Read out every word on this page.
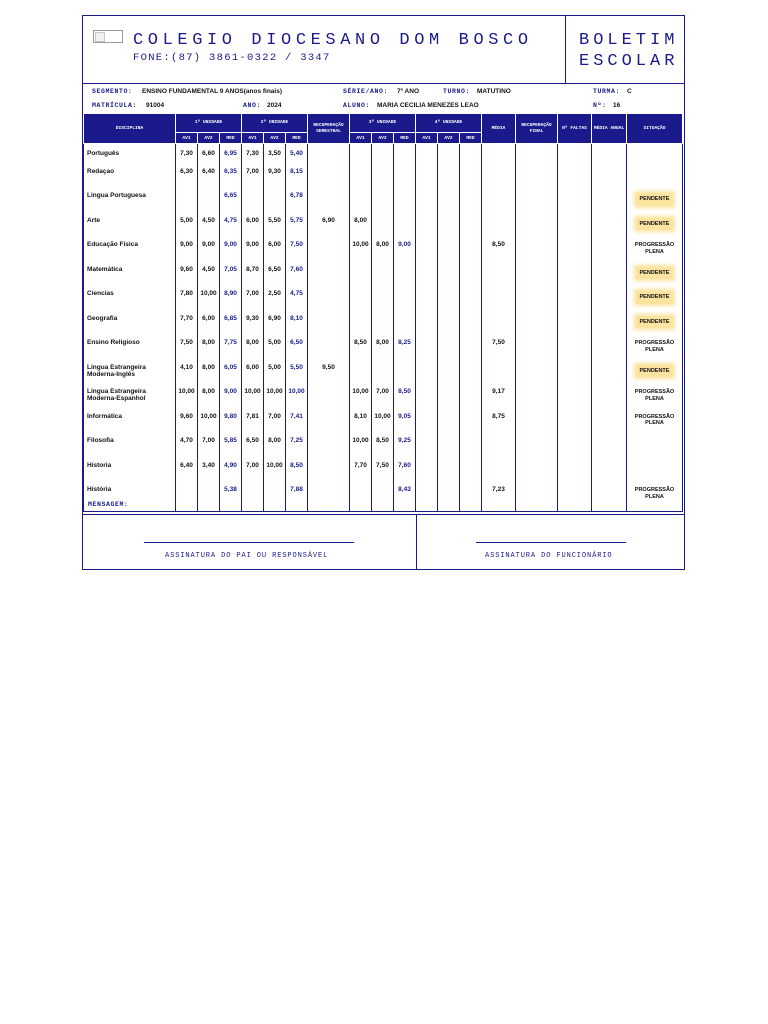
COLEGIO DIOCESANO DOM BOSCO
FONE:(87) 3861-0322 / 3347
BOLETIM
ESCOLAR
SEGMENTO: ENSINO FUNDAMENTAL 9 ANOS(anos finais)	SÉRIE/ANO: 7º ANO	TURNO: MATUTINO	TURMA: C
MATRÍCULA: 91004	ANO: 2024	ALUNO: MARIA CECILIA MENEZES LEAO	Nº: 16
DISCIPLINA	1ª UNIDADE			2ª UNIDADE			RECUPERAÇÃO SEMESTRAL	3ª UNIDADE			4ª UNIDADE			MÉDIA	RECUPERAÇÃO FINAL	Nº FALTAS	MÉDIA ANUAL	SITUAÇÃO
	AV1	AV2	MED	AV1	AV2	MED		AV1	AV2	MED	AV1	AV2	MED					
Português	7,30	6,60	6,95	7,30	3,50	5,40												
Redaçao	6,30	6,40	6,35	7,00	9,30	8,15												
Lingua Portuguesa			6,65			6,78												PENDENTE
Arte	5,00	4,50	4,75	6,00	5,50	5,75	6,90	8,00										PENDENTE
Educação Física	9,00	9,00	9,00	9,00	6,00	7,50		10,00	8,00	9,00				8,50				PROGRESSÃO PLENA
Matemática	9,60	4,50	7,05	8,70	6,50	7,60												PENDENTE
Ciencias	7,80	10,00	8,90	7,00	2,50	4,75												PENDENTE
Geografia	7,70	6,00	6,85	9,30	6,90	8,10												PENDENTE
Ensino Religioso	7,50	8,00	7,75	8,00	5,00	6,50		8,50	8,00	8,25				7,50				PROGRESSÃO PLENA
Lingua Estrangeira Moderna-Inglês	4,10	8,00	6,05	6,00	5,00	5,50	9,50											PENDENTE
Lingua Estrangeira Moderna-Espanhol	10,00	8,00	9,00	10,00	10,00	10,00		10,00	7,00	8,50				9,17				PROGRESSÃO PLENA
Informática	9,60	10,00	9,80	7,81	7,00	7,41		8,10	10,00	9,05				8,75				PROGRESSÃO PLENA
Filosofia	4,70	7,00	5,85	6,50	8,00	7,25		10,00	8,50	9,25								
Historia	6,40	3,40	4,90	7,00	10,00	8,50		7,70	7,50	7,60								
História			5,38			7,88				8,43				7,23				PROGRESSÃO PLENA
MENSAGEM:
ASSINATURA DO PAI OU RESPONSÁVEL	ASSINATURA DO FUNCIONÁRIO
